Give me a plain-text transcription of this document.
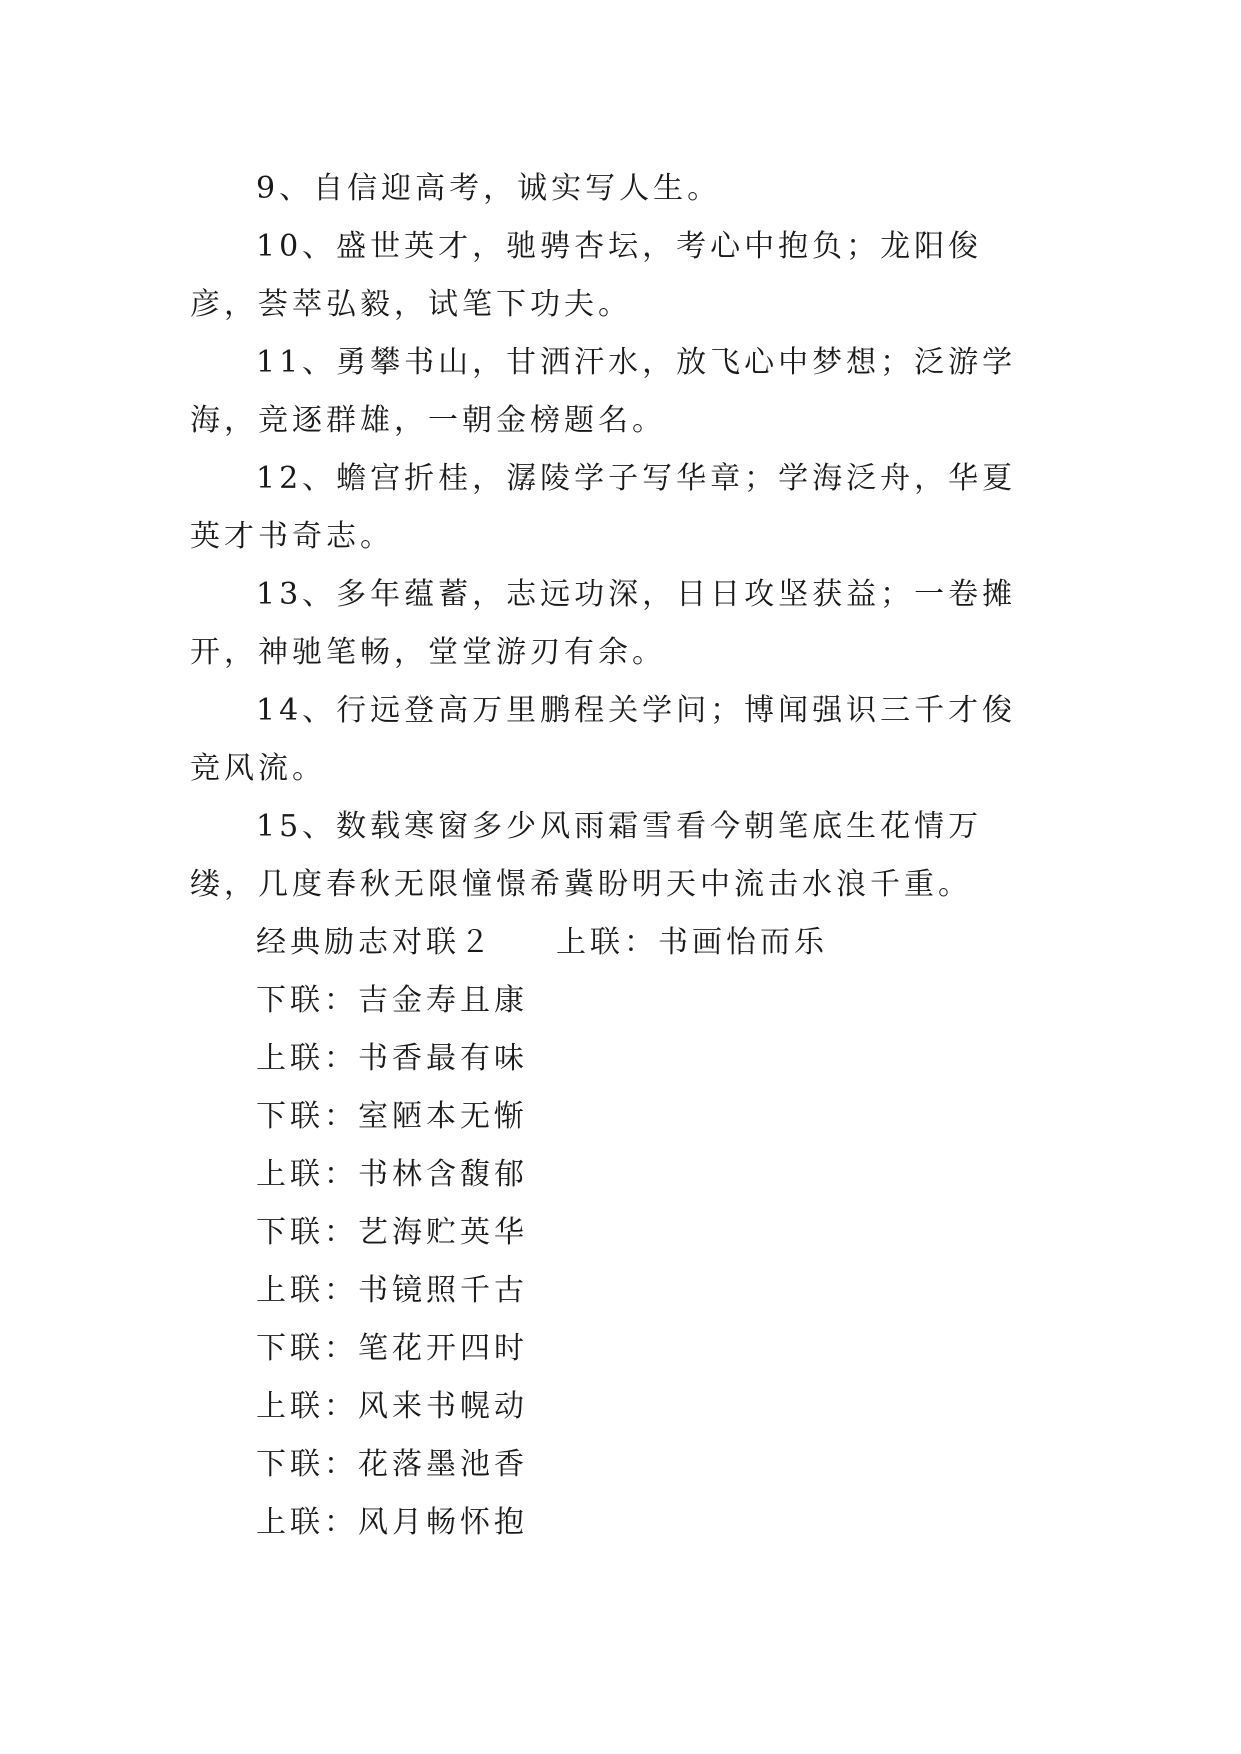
9、自信迎高考，诚实写人生。

10、盛世英才，驰骋杏坛，考心中抱负；龙阳俊彦，荟萃弘毅，试笔下功夫。

11、勇攀书山，甘洒汗水，放飞心中梦想；泛游学海，竞逐群雄，一朝金榜题名。

12、蟾宫折桂，潺陵学子写华章；学海泛舟，华夏英才书奇志。

13、多年蕴蓄，志远功深，日日攻坚获益；一卷摊开，神驰笔畅，堂堂游刃有余。

14、行远登高万里鹏程关学问；博闻强识三千才俊竞风流。

15、数载寒窗多少风雨霜雪看今朝笔底生花情万缕，几度春秋无限憧憬希冀盼明天中流击水浪千重。

经典励志对联２ 上联：书画怡而乐

下联：吉金寿且康

上联：书香最有味

下联：室陋本无惭

上联：书林含馥郁

下联：艺海贮英华

上联：书镜照千古

下联：笔花开四时

上联：风来书幌动

下联：花落墨池香

上联：风月畅怀抱
